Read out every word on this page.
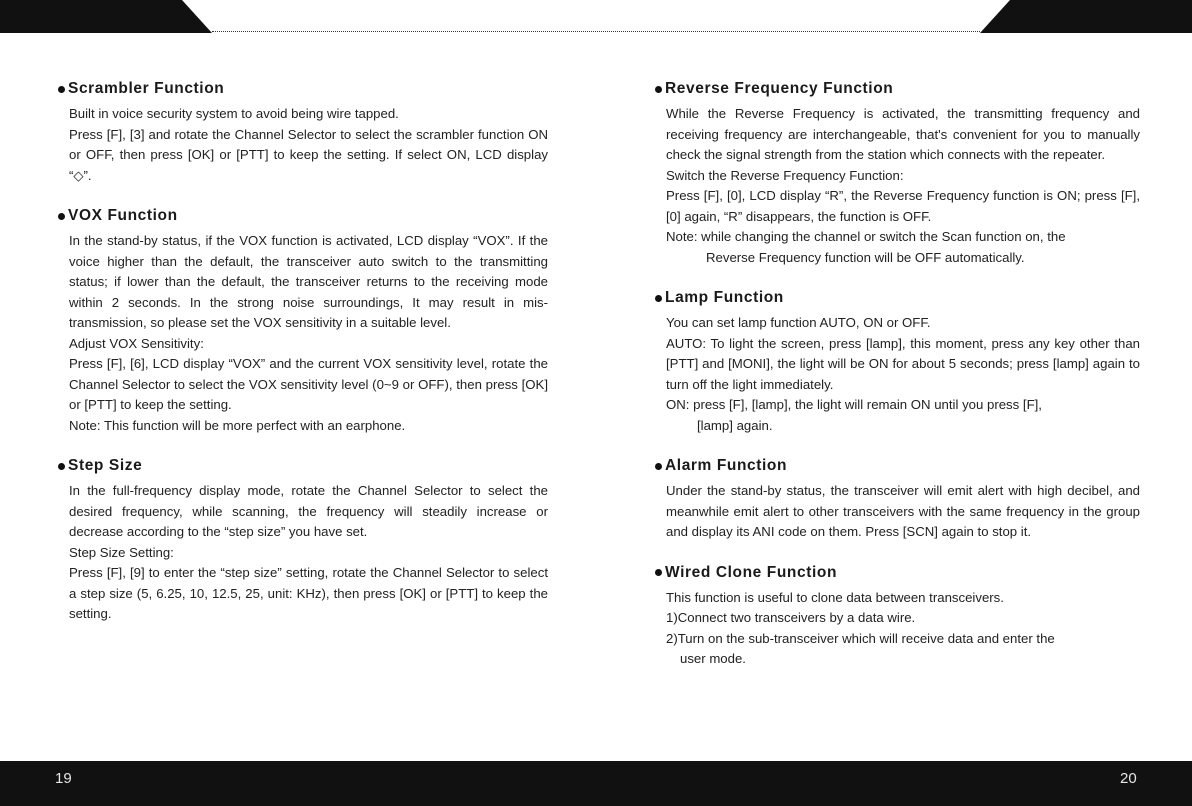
Scrambler Function

Built in voice security system to avoid being wire tapped.

Press [F], [3] and rotate the Channel Selector to select the scrambler function ON or OFF, then press [OK] or [PTT] to keep the setting. If select ON, LCD display “◇”.

VOX Function

In the stand-by status, if the VOX function is activated, LCD display “VOX”. If the voice higher than the default, the transceiver auto switch to the transmitting status; if lower than the default, the transceiver returns to the receiving mode within 2 seconds. In the strong noise surroundings, It may result in mis-transmission, so please set the VOX sensitivity in a suitable level.

Adjust VOX Sensitivity:

Press [F], [6], LCD display “VOX” and the current VOX sensitivity level, rotate the Channel Selector to select the VOX sensitivity level (0~9 or OFF), then press [OK] or [PTT] to keep the setting.

Note: This function will be more perfect with an earphone.

Step Size

In the full-frequency display mode, rotate the Channel Selector to select the desired frequency, while scanning, the frequency will steadily increase or decrease according to the “step size” you have set.

Step Size Setting:

Press [F], [9] to enter the “step size” setting, rotate the Channel Selector to select a step size (5, 6.25, 10, 12.5, 25, unit: KHz), then press [OK] or [PTT] to keep the setting.

Reverse Frequency Function

While the Reverse Frequency is activated, the transmitting frequency and receiving frequency are interchangeable, that's convenient for you to manually check the signal strength from the station which connects with the repeater.

Switch the Reverse Frequency Function:

Press [F], [0], LCD display “R”, the Reverse Frequency function is ON; press [F], [0] again, “R” disappears, the function is OFF.

Note: while changing the channel or switch the Scan function on, the

Reverse Frequency function will be OFF automatically.

Lamp Function

You can set lamp function AUTO, ON or OFF.

AUTO: To light the screen, press [lamp], this moment, press any key other than [PTT] and [MONI], the light will be ON for about 5 seconds; press [lamp] again to turn off the light immediately.

ON: press [F], [lamp], the light will remain ON until you press [F],

[lamp] again.

Alarm Function

Under the stand-by status, the transceiver will emit alert with high decibel, and meanwhile emit alert to other transceivers with the same frequency in the group and display its ANI code on them. Press [SCN] again to stop it.

Wired Clone Function

This function is useful to clone data between transceivers.

1)Connect two transceivers by a data wire.

2)Turn on the sub-transceiver which will receive data and enter the

user mode.

19	20
